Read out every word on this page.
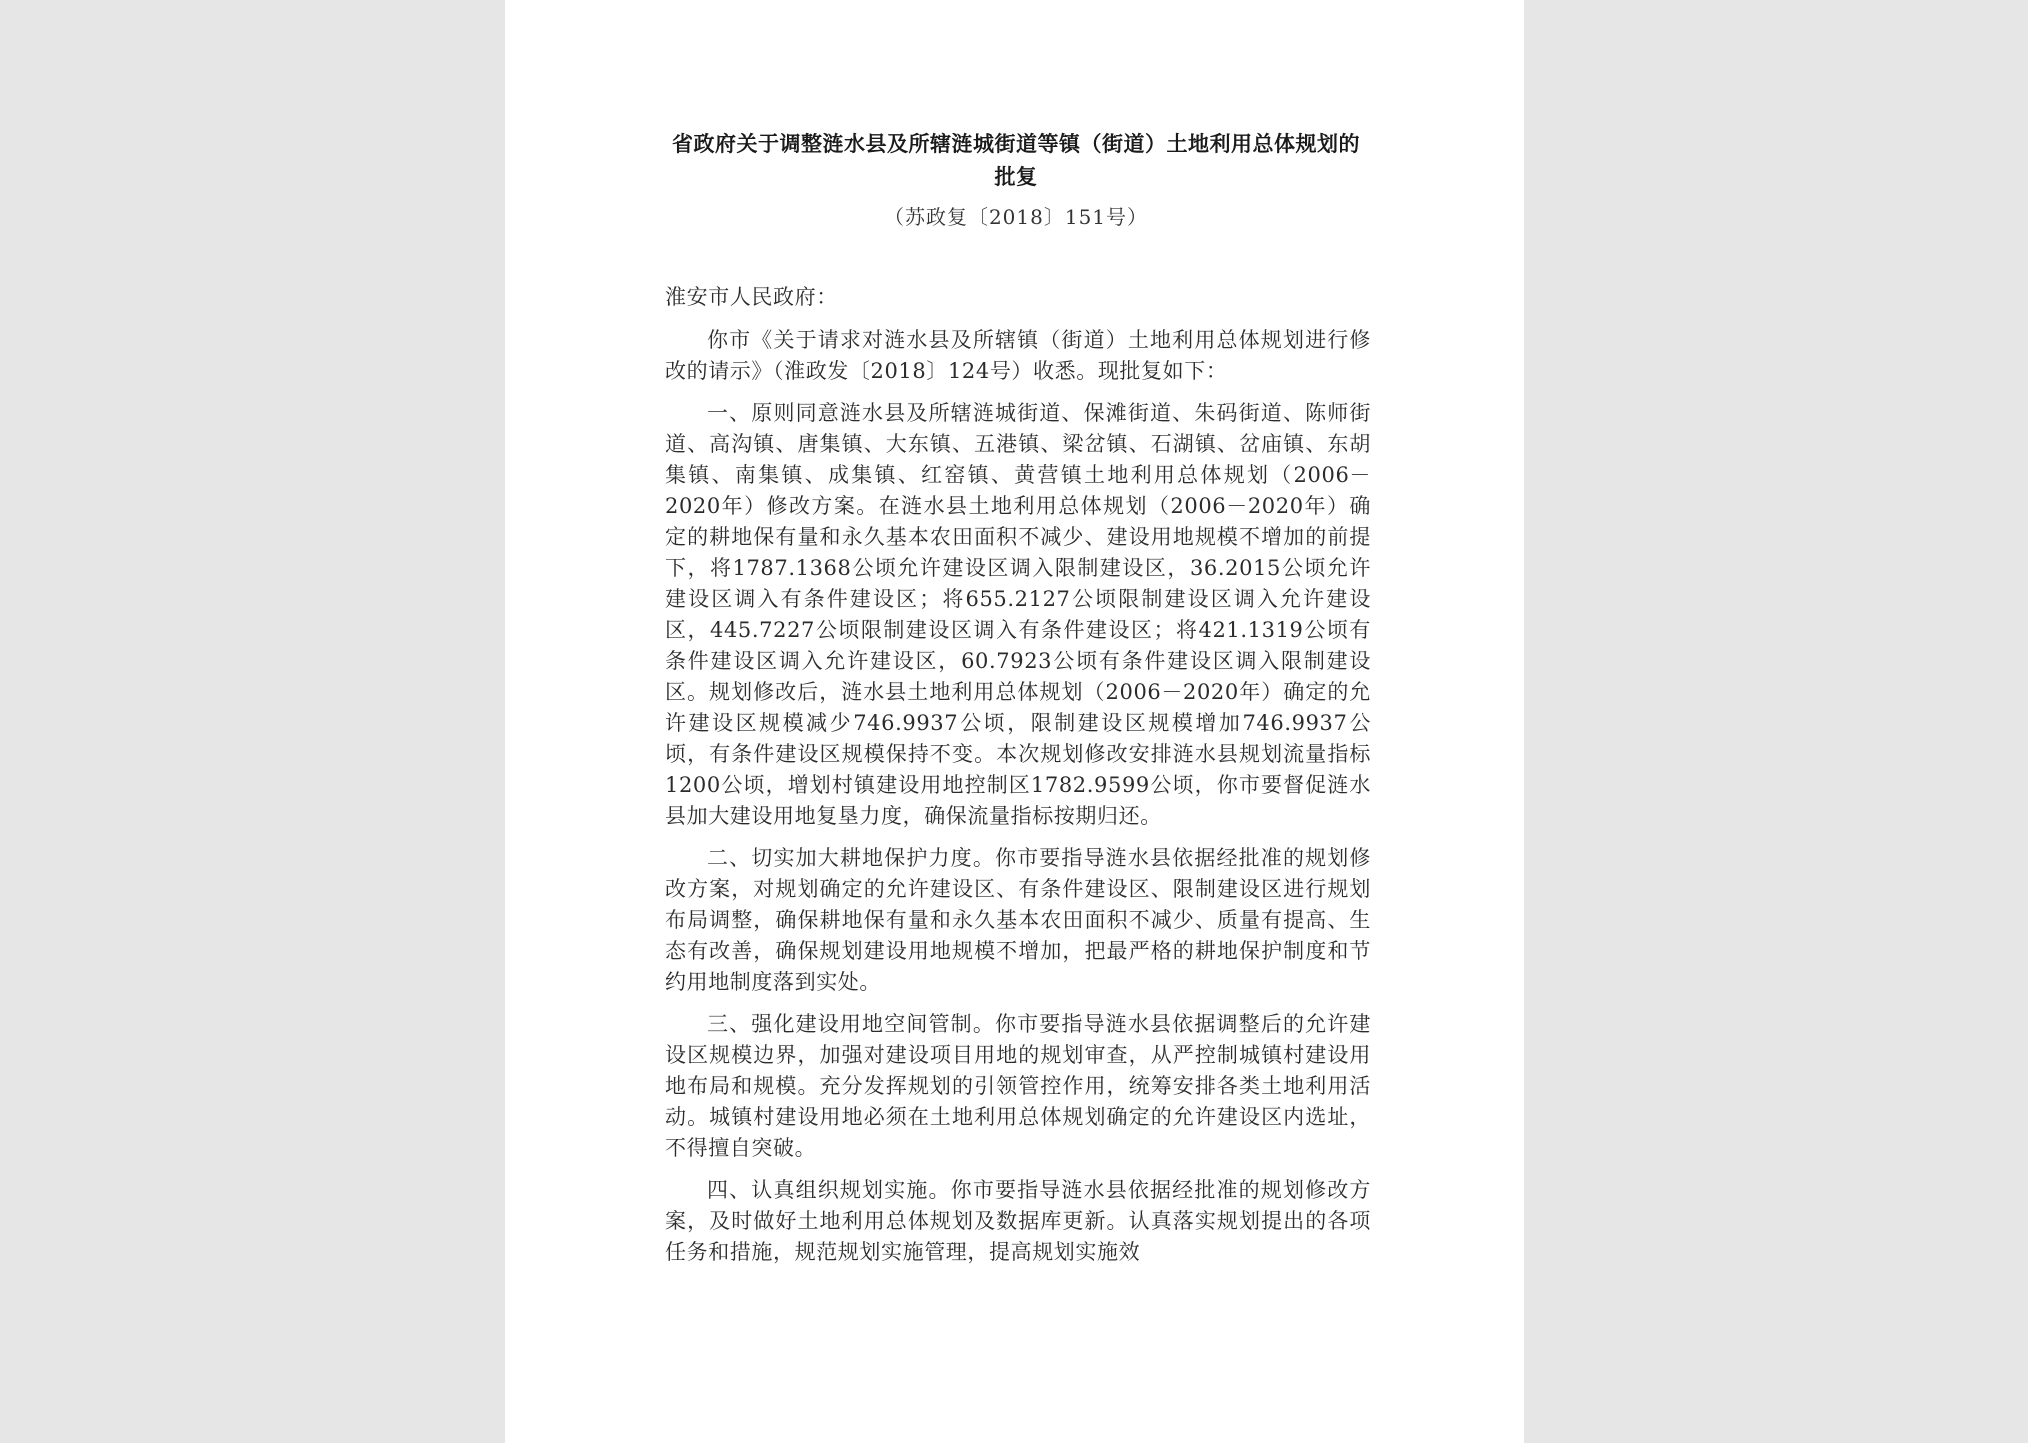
省政府关于调整涟水县及所辖涟城街道等镇（街道）土地利用总体规划的批复
（苏政复〔2018〕151号）

淮安市人民政府：

你市《关于请求对涟水县及所辖镇（街道）土地利用总体规划进行修改的请示》（淮政发〔2018〕124号）收悉。现批复如下：

一、原则同意涟水县及所辖涟城街道、保滩街道、朱码街道、陈师街道、高沟镇、唐集镇、大东镇、五港镇、梁岔镇、石湖镇、岔庙镇、东胡集镇、南集镇、成集镇、红窑镇、黄营镇土地利用总体规划（2006－2020年）修改方案。在涟水县土地利用总体规划（2006－2020年）确定的耕地保有量和永久基本农田面积不减少、建设用地规模不增加的前提下，将1787.1368公顷允许建设区调入限制建设区，36.2015公顷允许建设区调入有条件建设区；将655.2127公顷限制建设区调入允许建设区，445.7227公顷限制建设区调入有条件建设区；将421.1319公顷有条件建设区调入允许建设区，60.7923公顷有条件建设区调入限制建设区。规划修改后，涟水县土地利用总体规划（2006－2020年）确定的允许建设区规模减少746.9937公顷，限制建设区规模增加746.9937公顷，有条件建设区规模保持不变。本次规划修改安排涟水县规划流量指标1200公顷，增划村镇建设用地控制区1782.9599公顷，你市要督促涟水县加大建设用地复垦力度，确保流量指标按期归还。

二、切实加大耕地保护力度。你市要指导涟水县依据经批准的规划修改方案，对规划确定的允许建设区、有条件建设区、限制建设区进行规划布局调整，确保耕地保有量和永久基本农田面积不减少、质量有提高、生态有改善，确保规划建设用地规模不增加，把最严格的耕地保护制度和节约用地制度落到实处。

三、强化建设用地空间管制。你市要指导涟水县依据调整后的允许建设区规模边界，加强对建设项目用地的规划审查，从严控制城镇村建设用地布局和规模。充分发挥规划的引领管控作用，统筹安排各类土地利用活动。城镇村建设用地必须在土地利用总体规划确定的允许建设区内选址，不得擅自突破。

四、认真组织规划实施。你市要指导涟水县依据经批准的规划修改方案，及时做好土地利用总体规划及数据库更新。认真落实规划提出的各项任务和措施，规范规划实施管理，提高规划实施效
